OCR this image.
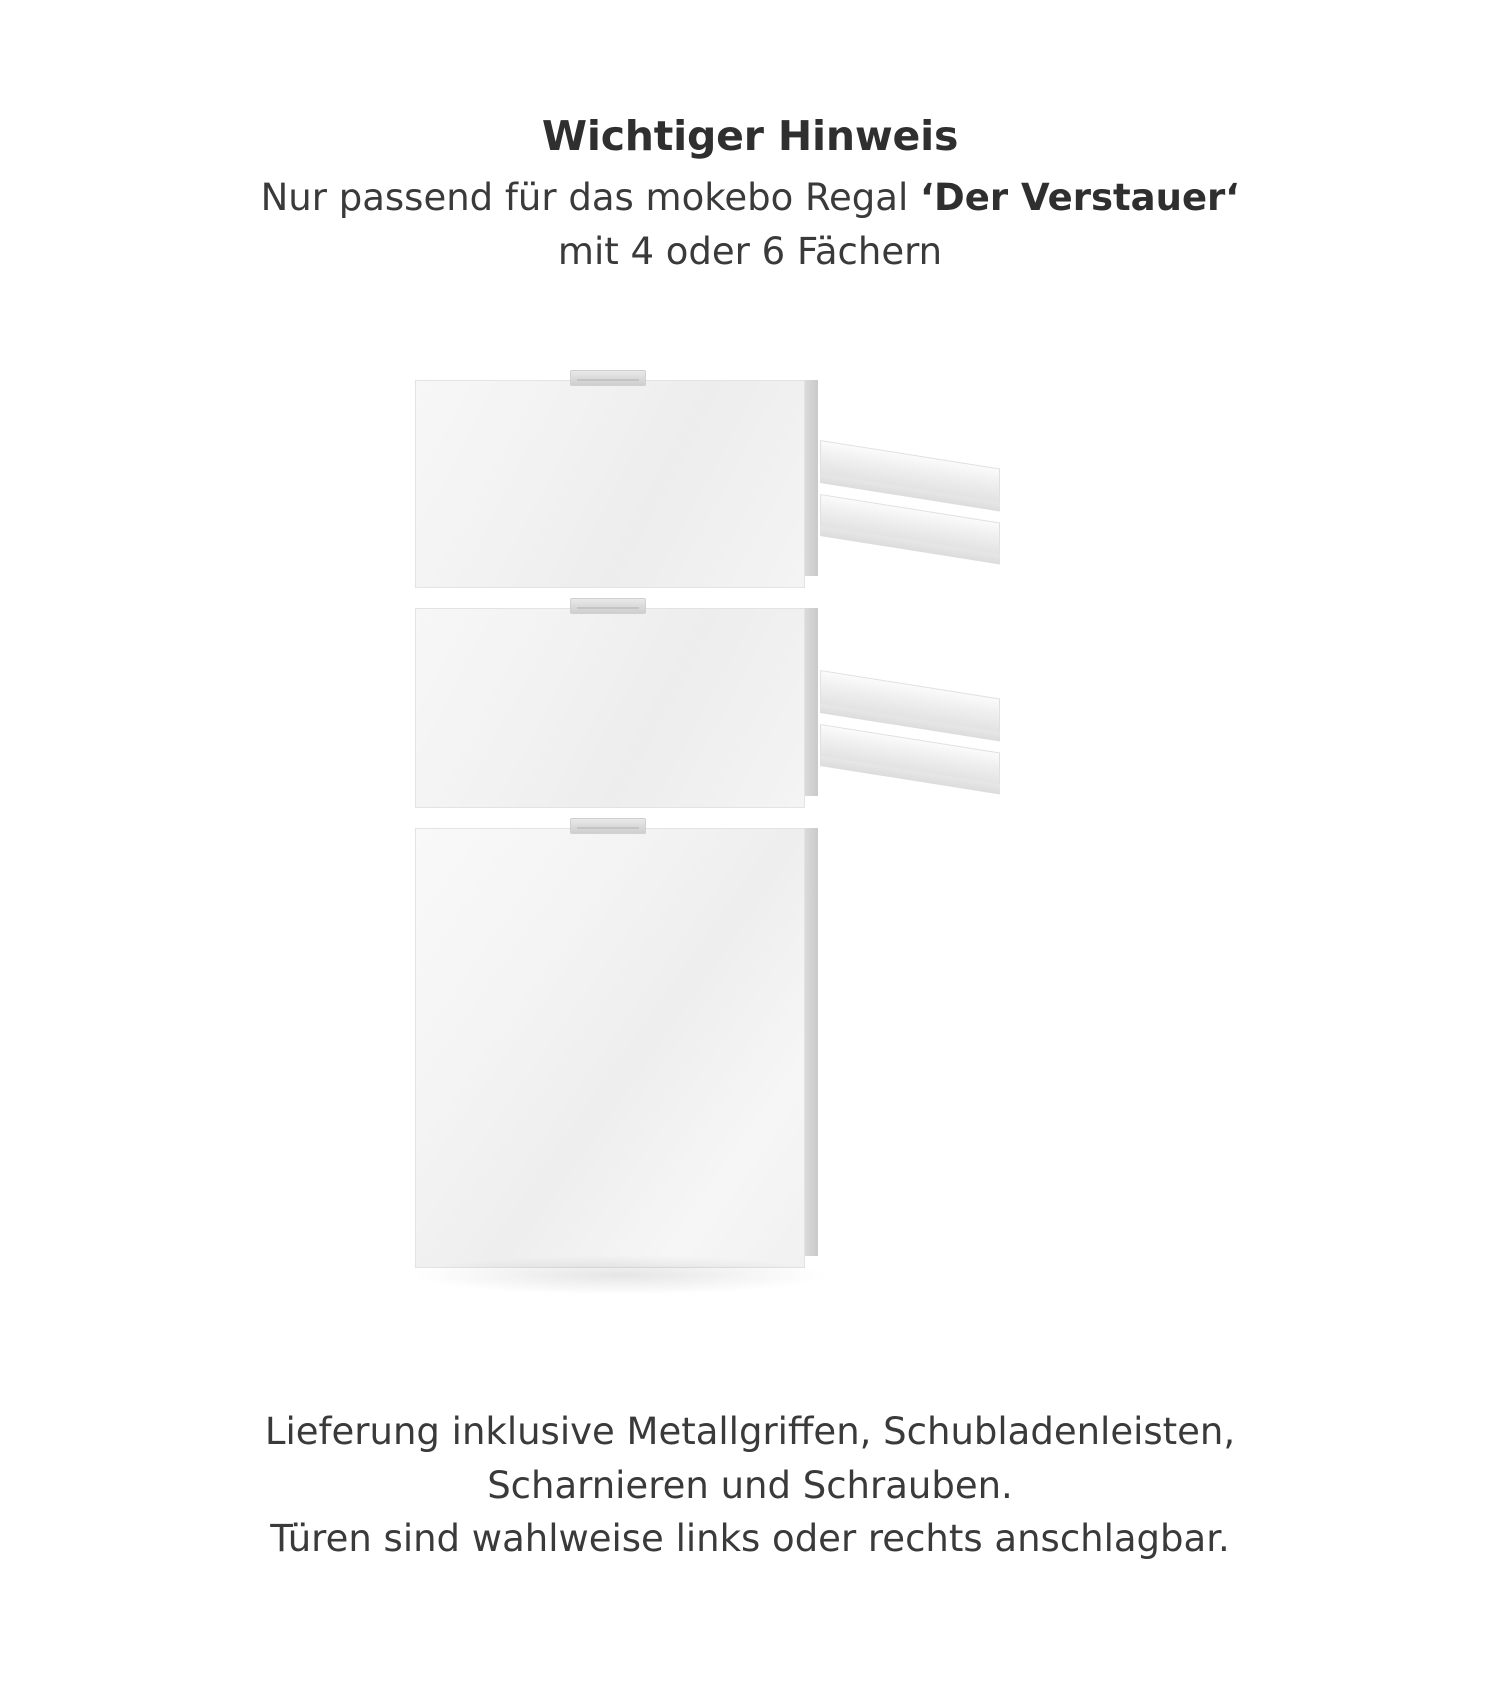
Wichtiger Hinweis
Nur passend für das mokebo Regal ‘Der Verstauer‘
mit 4 oder 6 Fächern
Lieferung inklusive Metallgriffen, Schubladenleisten,
Scharnieren und Schrauben.
Türen sind wahlweise links oder rechts anschlagbar.
